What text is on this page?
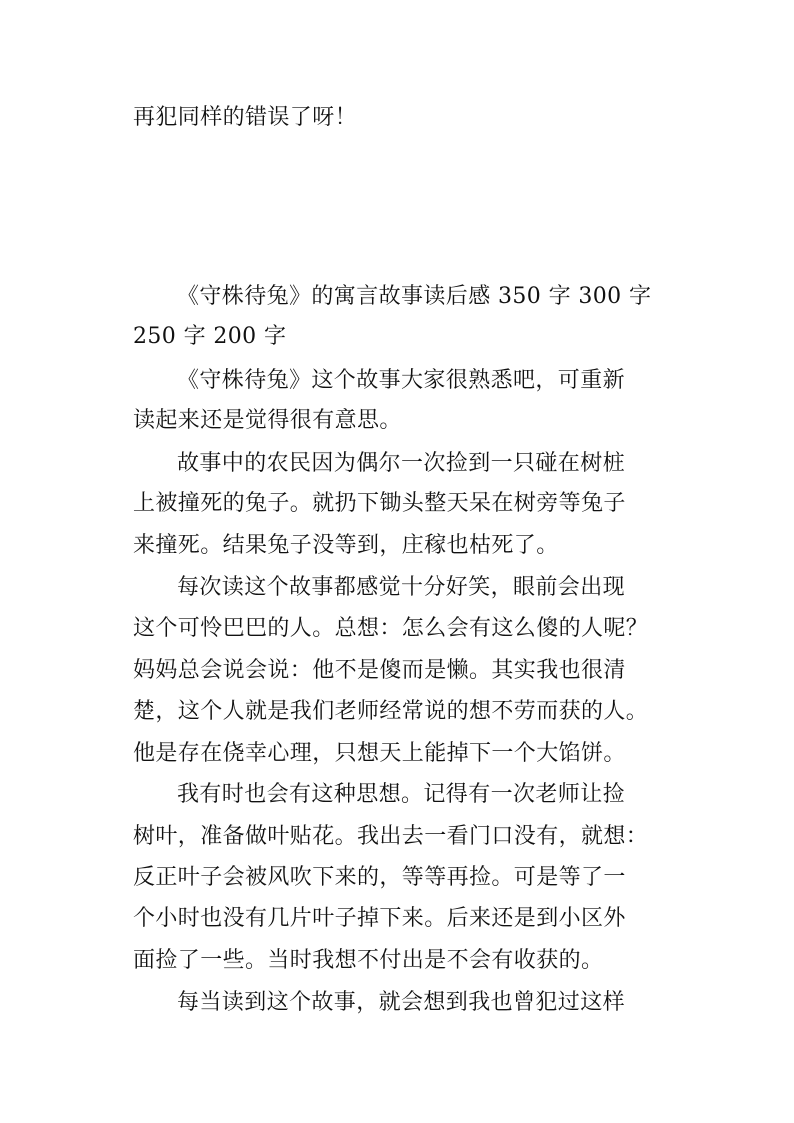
再犯同样的错误了呀！
《守株待兔》的寓言故事读后感 350 字 300 字
250 字 200 字
《守株待兔》这个故事大家很熟悉吧，可重新
读起来还是觉得很有意思。
故事中的农民因为偶尔一次捡到一只碰在树桩
上被撞死的兔子。就扔下锄头整天呆在树旁等兔子
来撞死。结果兔子没等到，庄稼也枯死了。
每次读这个故事都感觉十分好笑，眼前会出现
这个可怜巴巴的人。总想：怎么会有这么傻的人呢？
妈妈总会说会说：他不是傻而是懒。其实我也很清
楚，这个人就是我们老师经常说的想不劳而获的人。
他是存在侥幸心理，只想天上能掉下一个大馅饼。
我有时也会有这种思想。记得有一次老师让捡
树叶，准备做叶贴花。我出去一看门口没有，就想：
反正叶子会被风吹下来的，等等再捡。可是等了一
个小时也没有几片叶子掉下来。后来还是到小区外
面捡了一些。当时我想不付出是不会有收获的。
每当读到这个故事，就会想到我也曾犯过这样
